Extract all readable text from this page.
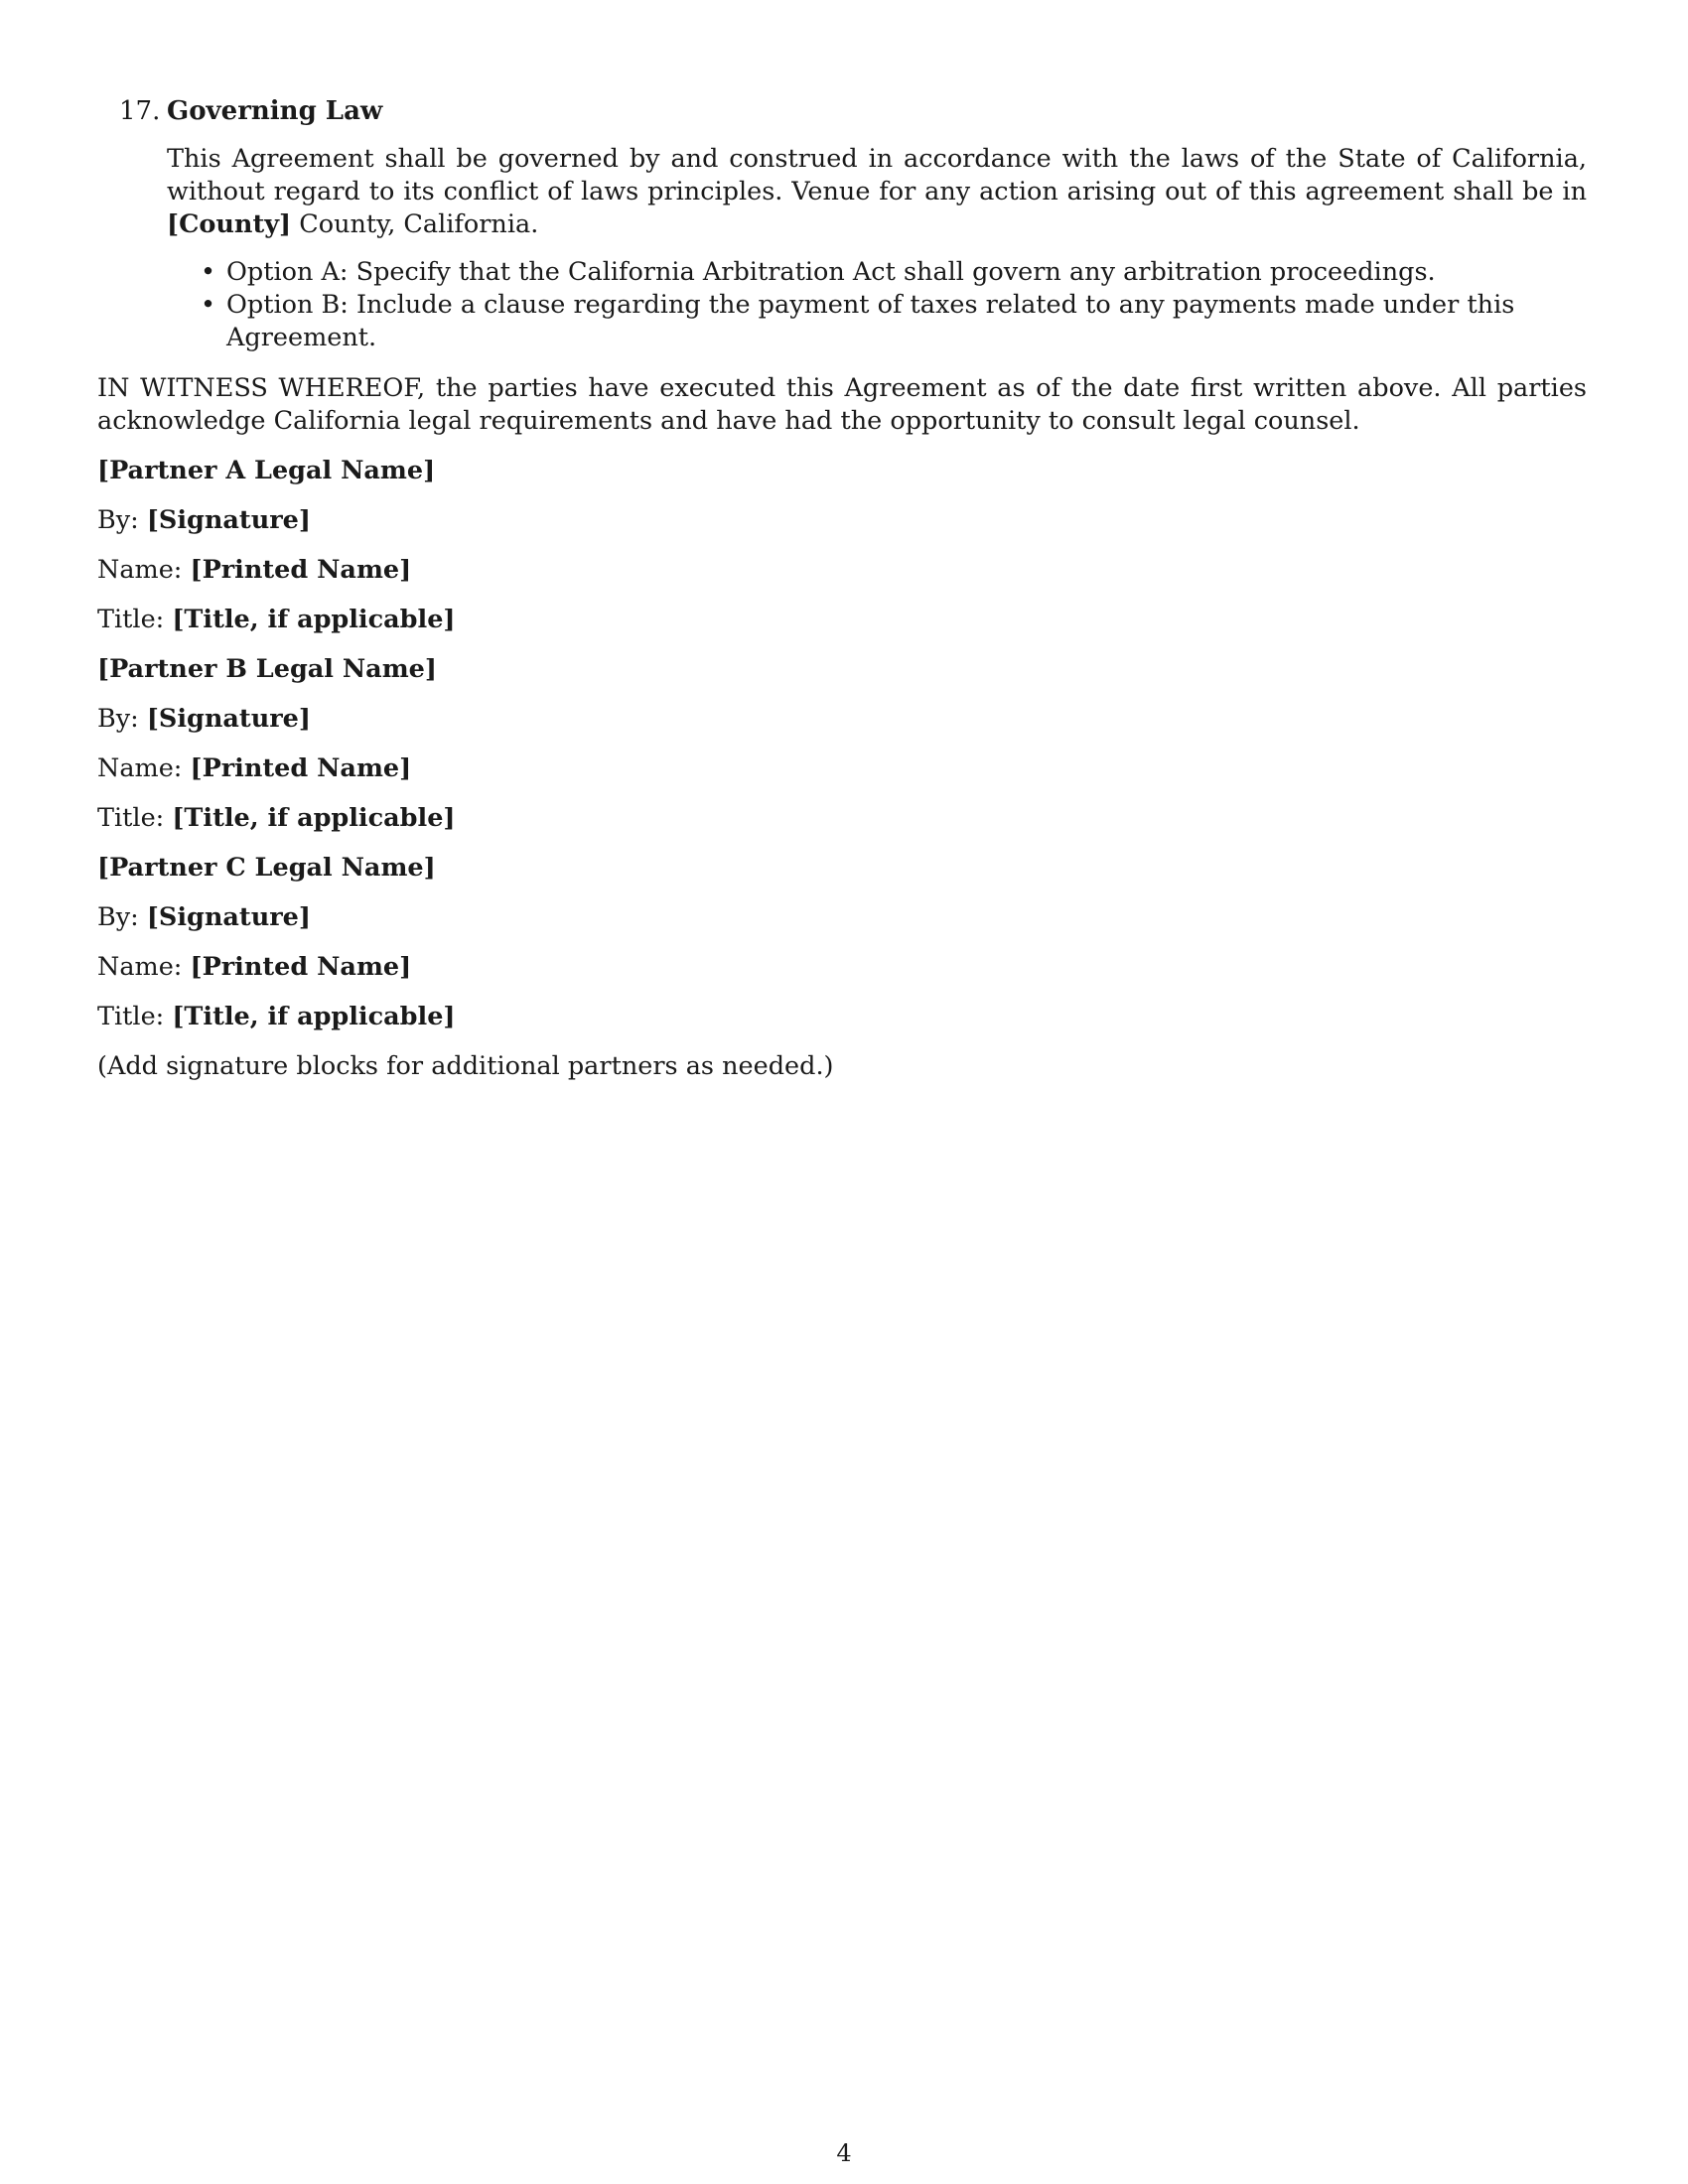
17. Governing Law
This Agreement shall be governed by and construed in accordance with the laws of the State of California, without regard to its conflict of laws principles. Venue for any action arising out of this agreement shall be in [County] County, California.
• Option A: Specify that the California Arbitration Act shall govern any arbitration proceedings.
• Option B: Include a clause regarding the payment of taxes related to any payments made under this Agreement.
IN WITNESS WHEREOF, the parties have executed this Agreement as of the date first written above. All parties acknowledge California legal requirements and have had the opportunity to consult legal counsel.
[Partner A Legal Name]
By: [Signature]
Name: [Printed Name]
Title: [Title, if applicable]
[Partner B Legal Name]
By: [Signature]
Name: [Printed Name]
Title: [Title, if applicable]
[Partner C Legal Name]
By: [Signature]
Name: [Printed Name]
Title: [Title, if applicable]
(Add signature blocks for additional partners as needed.)
4
